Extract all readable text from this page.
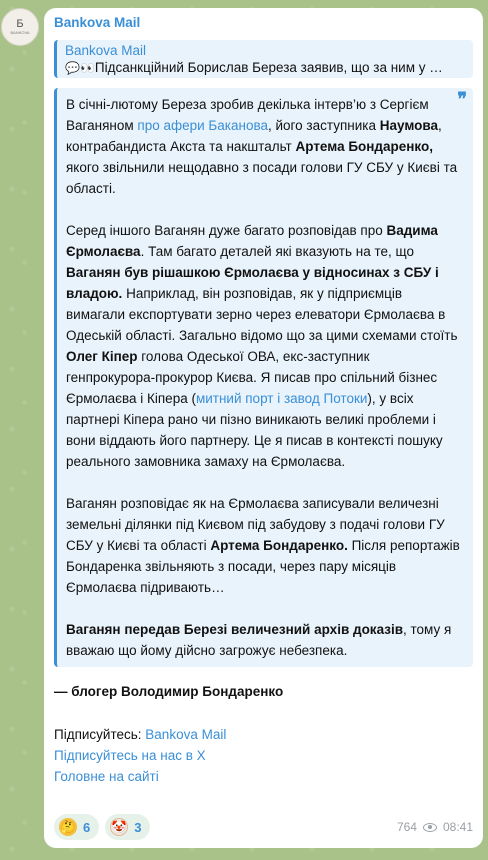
Б
BANKOVA
Bankova Mail
Bankova Mail
💬👀Підсанкційний Борислав Береза заявив, що за ним у …
❞

В січні-лютому Береза зробив декілька інтерв’ю з Сергієм Ваганяном про афери Баканова, його заступника Наумова, контрабандиста Акста та накштальт Артема Бондаренко, якого звільнили нещодавно з посади голови ГУ СБУ у Києві та області.

Серед іншого Ваганян дуже багато розповідав про Вадима Єрмолаєва. Там багато деталей які вказують на те, що Ваганян був рішашкою Єрмолаєва у відносинах з СБУ і владою. Наприклад, він розповідав, як у підприємців вимагали експортувати зерно через елеватори Єрмолаєва в Одеській області. Загально відомо що за цими схемами стоїть Олег Кіпер голова Одеської ОВА, екс-заступник генпрокурора-прокурор Києва. Я писав про спільний бізнес Єрмолаєва і Кіпера (митний порт і завод Потоки), у всіх партнері Кіпера рано чи пізно виникають великі проблеми і вони віддають його партнеру. Це я писав в контексті пошуку реального замовника замаху на Єрмолаєва.

Ваганян розповідає як на Єрмолаєва записували величезні земельні ділянки під Києвом під забудову з подачі голови ГУ СБУ у Києві та області Артема Бондаренко. Після репортажів Бондаренка звільняють з посади, через пару місяців Єрмолаєва підривають…

Ваганян передав Березі величезний архів доказів, тому я вважаю що йому дійсно загрожує небезпека.

— блогер Володимир Бондаренко
Підписуйтесь: Bankova Mail
Підписуйтесь на нас в Х
Головне на сайті
🤔 6 🤡 3	764 08:41
